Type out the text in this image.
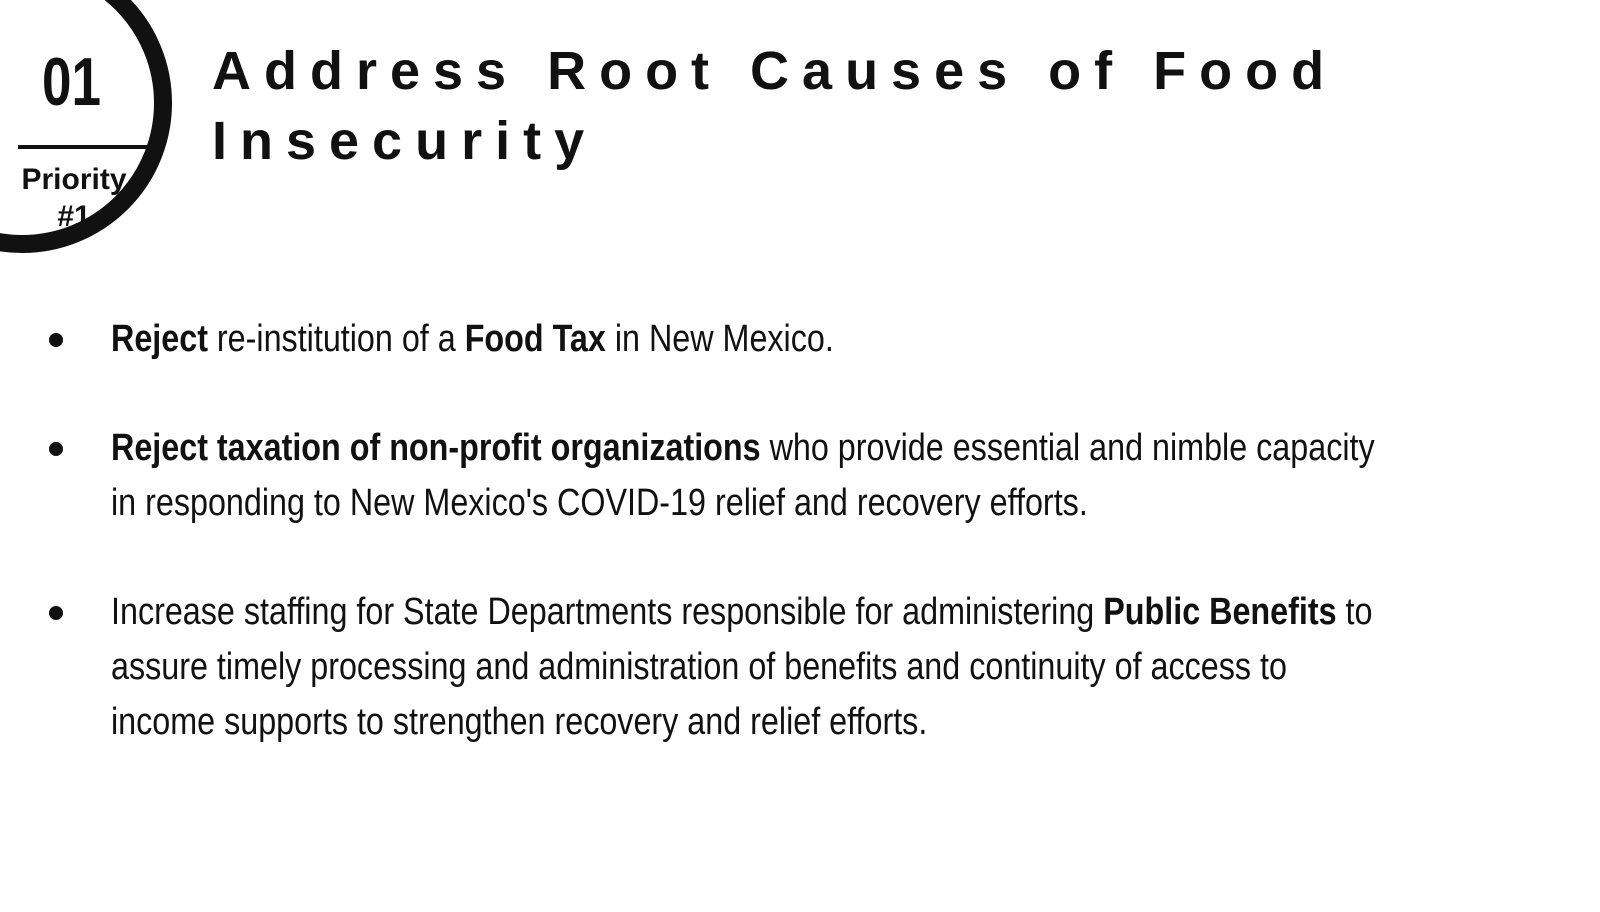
01
Priority
#1
Address Root Causes of Food
Insecurity
Reject re-institution of a Food Tax in New Mexico.
Reject taxation of non-profit organizations who provide essential and nimble capacity in responding to New Mexico's COVID-19 relief and recovery efforts.
Increase staffing for State Departments responsible for administering Public Benefits to assure timely processing and administration of benefits and continuity of access to income supports to strengthen recovery and relief efforts.
